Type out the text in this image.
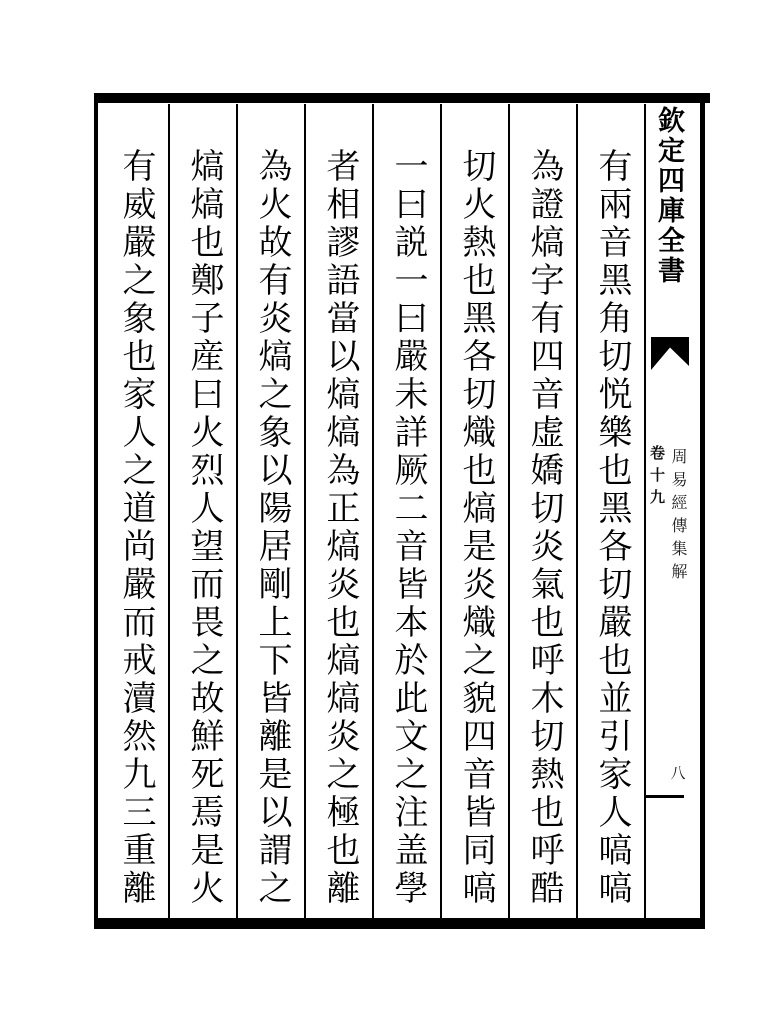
有兩音黑角切悦樂也黑各切嚴也並引家人嗃嗃
為證熇字有四音虚嬌切炎氣也呼木切熱也呼酷
切火熱也黑各切熾也熇是炎熾之貌四音皆同嗃
一曰説一曰嚴未詳厥二音皆本於此文之注盖學
者相謬語當以熇熇為正熇炎也熇熇炎之極也離
為火故有炎熇之象以陽居剛上下皆離是以謂之
熇熇也鄭子産曰火烈人望而畏之故鮮死焉是火
有威嚴之象也家人之道尚嚴而戒瀆然九三重離	欽定四庫全書
周易經傳集解
卷十九
八
